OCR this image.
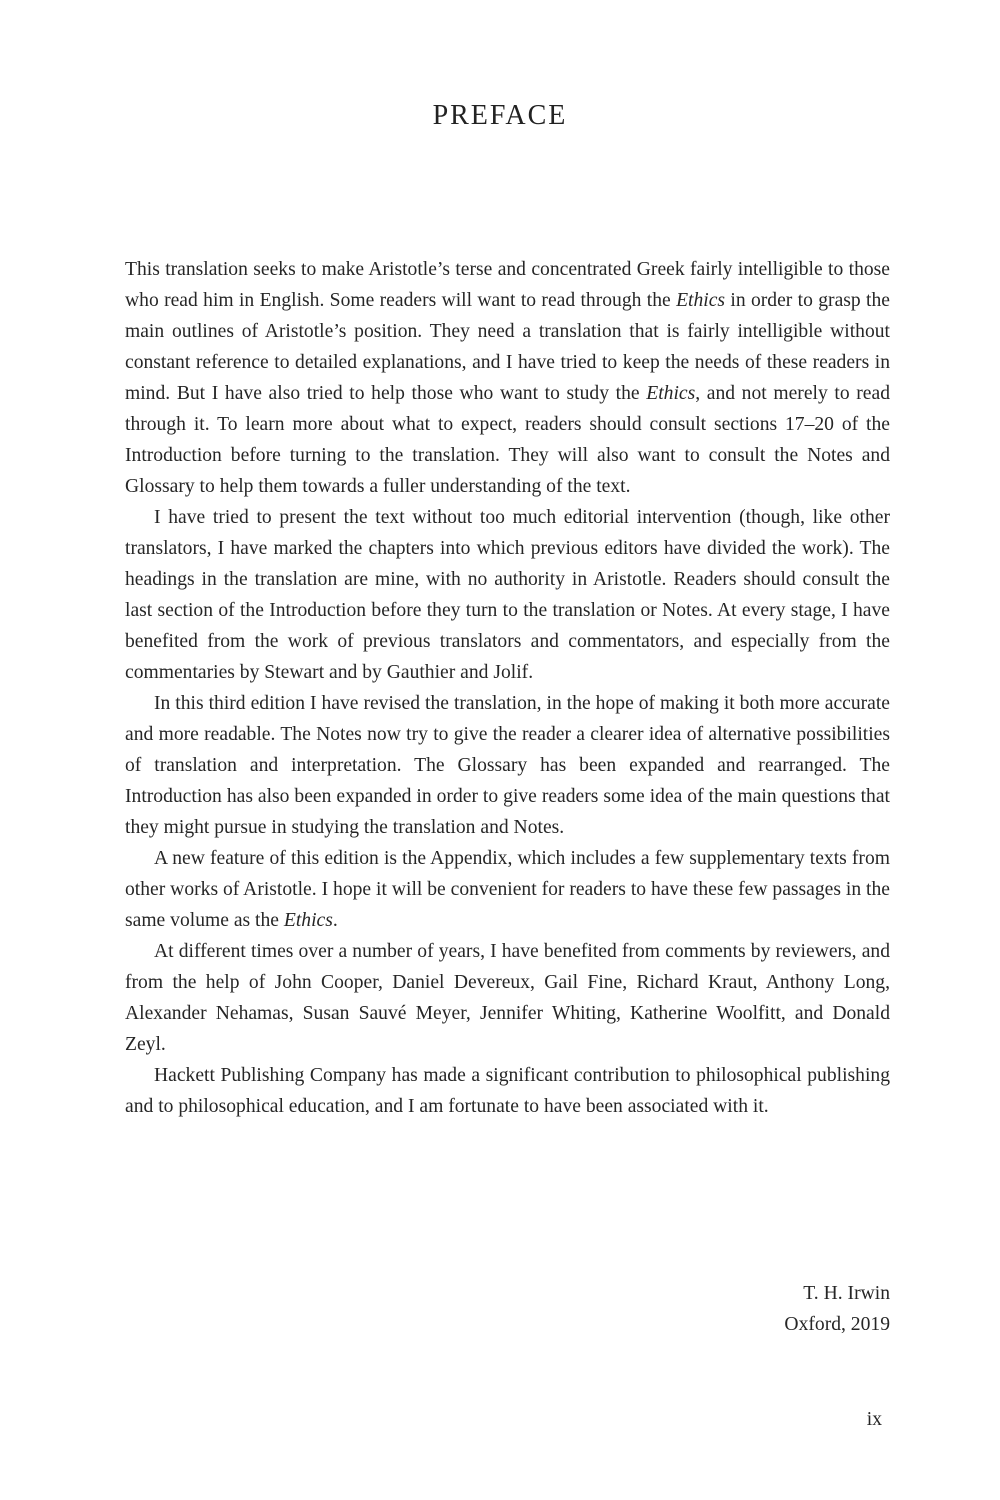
PREFACE

This translation seeks to make Aristotle’s terse and concentrated Greek fairly intelligible to those who read him in English. Some readers will want to read through the Ethics in order to grasp the main outlines of Aristotle’s position. They need a translation that is fairly intelligible without constant reference to detailed explanations, and I have tried to keep the needs of these readers in mind. But I have also tried to help those who want to study the Ethics, and not merely to read through it. To learn more about what to expect, readers should consult sections 17–20 of the Introduction before turning to the translation. They will also want to consult the Notes and Glossary to help them towards a fuller understanding of the text.

I have tried to present the text without too much editorial intervention (though, like other translators, I have marked the chapters into which previous editors have divided the work). The headings in the translation are mine, with no authority in Aristotle. Readers should consult the last section of the Introduction before they turn to the translation or Notes. At every stage, I have benefited from the work of previous translators and commentators, and especially from the commentaries by Stewart and by Gauthier and Jolif.

In this third edition I have revised the translation, in the hope of making it both more accurate and more readable. The Notes now try to give the reader a clearer idea of alternative possibilities of translation and interpretation. The Glossary has been expanded and rearranged. The Introduction has also been expanded in order to give readers some idea of the main questions that they might pursue in studying the translation and Notes.

A new feature of this edition is the Appendix, which includes a few supplementary texts from other works of Aristotle. I hope it will be convenient for readers to have these few passages in the same volume as the Ethics.

At different times over a number of years, I have benefited from comments by reviewers, and from the help of John Cooper, Daniel Devereux, Gail Fine, Richard Kraut, Anthony Long, Alexander Nehamas, Susan Sauvé Meyer, Jennifer Whiting, Katherine Woolfitt, and Donald Zeyl.

Hackett Publishing Company has made a significant contribution to philosophical publishing and to philosophical education, and I am fortunate to have been associated with it.

T. H. Irwin
Oxford, 2019
ix
